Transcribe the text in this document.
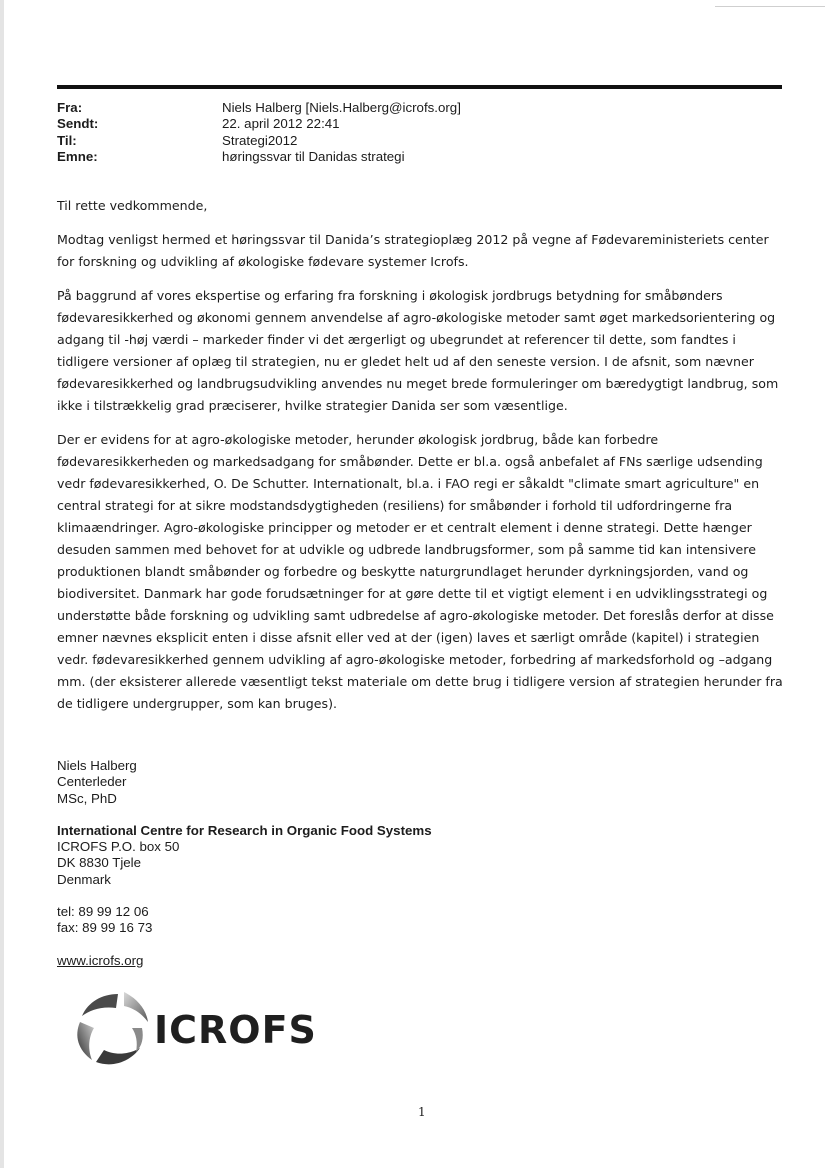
Fra:	Niels Halberg [Niels.Halberg@icrofs.org]
Sendt:	22. april 2012 22:41
Til:	Strategi2012
Emne:	høringssvar til Danidas strategi

Til rette vedkommende,

Modtag venligst hermed et høringssvar til Danida’s strategioplæg 2012 på vegne af Fødevareministeriets center for forskning og udvikling af økologiske fødevare systemer Icrofs.

På baggrund af vores ekspertise og erfaring fra forskning i økologisk jordbrugs betydning for småbønders fødevaresikkerhed og økonomi gennem anvendelse af agro-økologiske metoder samt øget markedsorientering og adgang til -høj værdi – markeder finder vi det ærgerligt og ubegrundet at referencer til dette, som fandtes i tidligere versioner af oplæg til strategien, nu er gledet helt ud af den seneste version. I de afsnit, som nævner fødevaresikkerhed og landbrugsudvikling anvendes nu meget brede formuleringer om bæredygtigt landbrug, som ikke i tilstrækkelig grad præciserer, hvilke strategier Danida ser som væsentlige.

Der er evidens for at agro-økologiske metoder, herunder økologisk jordbrug, både kan forbedre fødevaresikkerheden og markedsadgang for småbønder. Dette er bl.a. også anbefalet af FNs særlige udsending vedr fødevaresikkerhed, O. De Schutter. Internationalt, bl.a. i FAO regi er såkaldt "climate smart agriculture" en central strategi for at sikre modstandsdygtigheden (resiliens) for småbønder i forhold til udfordringerne fra klimaændringer. Agro-økologiske principper og metoder er et centralt element i denne strategi. Dette hænger desuden sammen med behovet for at udvikle og udbrede landbrugsformer, som på samme tid kan intensivere produktionen blandt småbønder og forbedre og beskytte naturgrundlaget herunder dyrkningsjorden, vand og biodiversitet. Danmark har gode forudsætninger for at gøre dette til et vigtigt element i en udviklingsstrategi og understøtte både forskning og udvikling samt udbredelse af agro-økologiske metoder. Det foreslås derfor at disse emner nævnes eksplicit enten i disse afsnit eller ved at der (igen) laves et særligt område (kapitel) i strategien vedr. fødevaresikkerhed gennem udvikling af agro-økologiske metoder, forbedring af markedsforhold og –adgang mm. (der eksisterer allerede væsentligt tekst materiale om dette brug i tidligere version af strategien herunder fra de tidligere undergrupper, som kan bruges).

Niels Halberg
Centerleder
MSc, PhD
International Centre for Research in Organic Food Systems
ICROFS P.O. box 50
DK 8830 Tjele
Denmark
tel: 89 99 12 06
fax: 89 99 16 73
www.icrofs.org
ICROFS
1
